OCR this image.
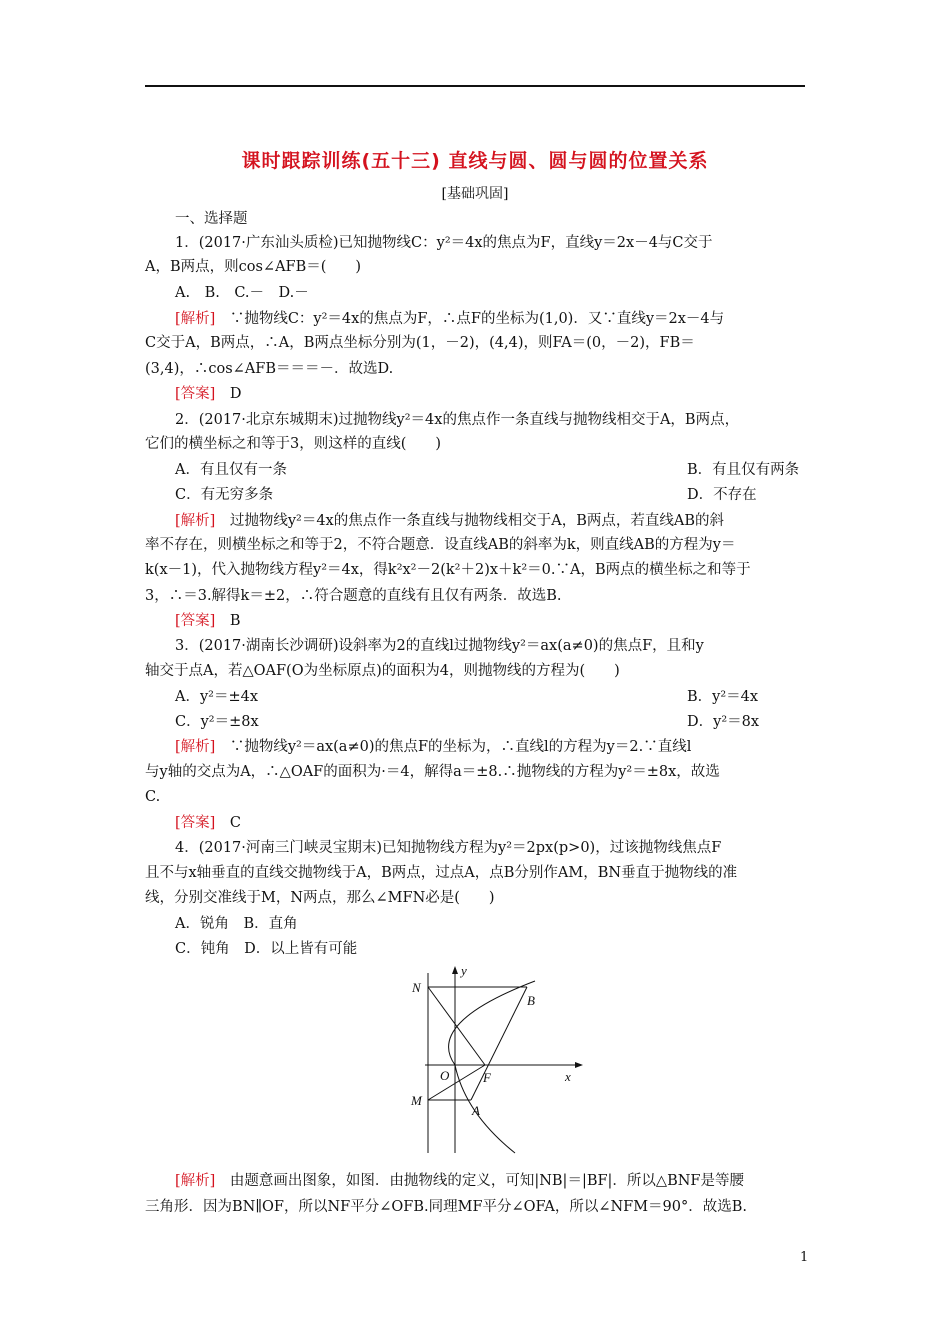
课时跟踪训练(五十三) 直线与圆、圆与圆的位置关系
[基础巩固]
一、选择题
1．(2017·广东汕头质检)已知抛物线C：y²＝4x的焦点为F，直线y＝2x－4与C交于
A，B两点，则cos∠AFB＝(　　)
A.　B.　C.－　D.－
[解析]　∵抛物线C：y²＝4x的焦点为F，∴点F的坐标为(1,0)．又∵直线y＝2x－4与
C交于A，B两点，∴A，B两点坐标分别为(1，－2)，(4,4)，则FA＝(0，－2)，FB＝
(3,4)，∴cos∠AFB＝＝＝－．故选D.
[答案]　D
2．(2017·北京东城期末)过抛物线y²＝4x的焦点作一条直线与抛物线相交于A，B两点，
它们的横坐标之和等于3，则这样的直线(　　)
A．有且仅有一条	B．有且仅有两条
C．有无穷多条	D．不存在
[解析]　过抛物线y²＝4x的焦点作一条直线与抛物线相交于A，B两点，若直线AB的斜
率不存在，则横坐标之和等于2，不符合题意．设直线AB的斜率为k，则直线AB的方程为y＝
k(x－1)，代入抛物线方程y²＝4x，得k²x²－2(k²＋2)x＋k²＝0.∵A，B两点的横坐标之和等于
3，∴＝3.解得k＝±2，∴符合题意的直线有且仅有两条．故选B.
[答案]　B
3．(2017·湖南长沙调研)设斜率为2的直线l过抛物线y²＝ax(a≠0)的焦点F，且和y
轴交于点A，若△OAF(O为坐标原点)的面积为4，则抛物线的方程为(　　)
A．y²＝±4x	B．y²＝4x
C．y²＝±8x	D．y²＝8x
[解析]　∵抛物线y²＝ax(a≠0)的焦点F的坐标为，∴直线l的方程为y＝2.∵直线l
与y轴的交点为A，∴△OAF的面积为·＝4，解得a＝±8.∴抛物线的方程为y²＝±8x，故选
C.
[答案]　C
4．(2017·河南三门峡灵宝期末)已知抛物线方程为y²＝2px(p>0)，过该抛物线焦点F
且不与x轴垂直的直线交抛物线于A，B两点，过点A，点B分别作AM，BN垂直于抛物线的准
线，分别交准线于M，N两点，那么∠MFN必是(　　)
A．锐角　B．直角
C．钝角　D．以上皆有可能
y
x
N
B
O	F
M
A
[解析]　由题意画出图象，如图．由抛物线的定义，可知|NB|＝|BF|．所以△BNF是等腰
三角形．因为BN∥OF，所以NF平分∠OFB.同理MF平分∠OFA，所以∠NFM＝90°．故选B.
1
